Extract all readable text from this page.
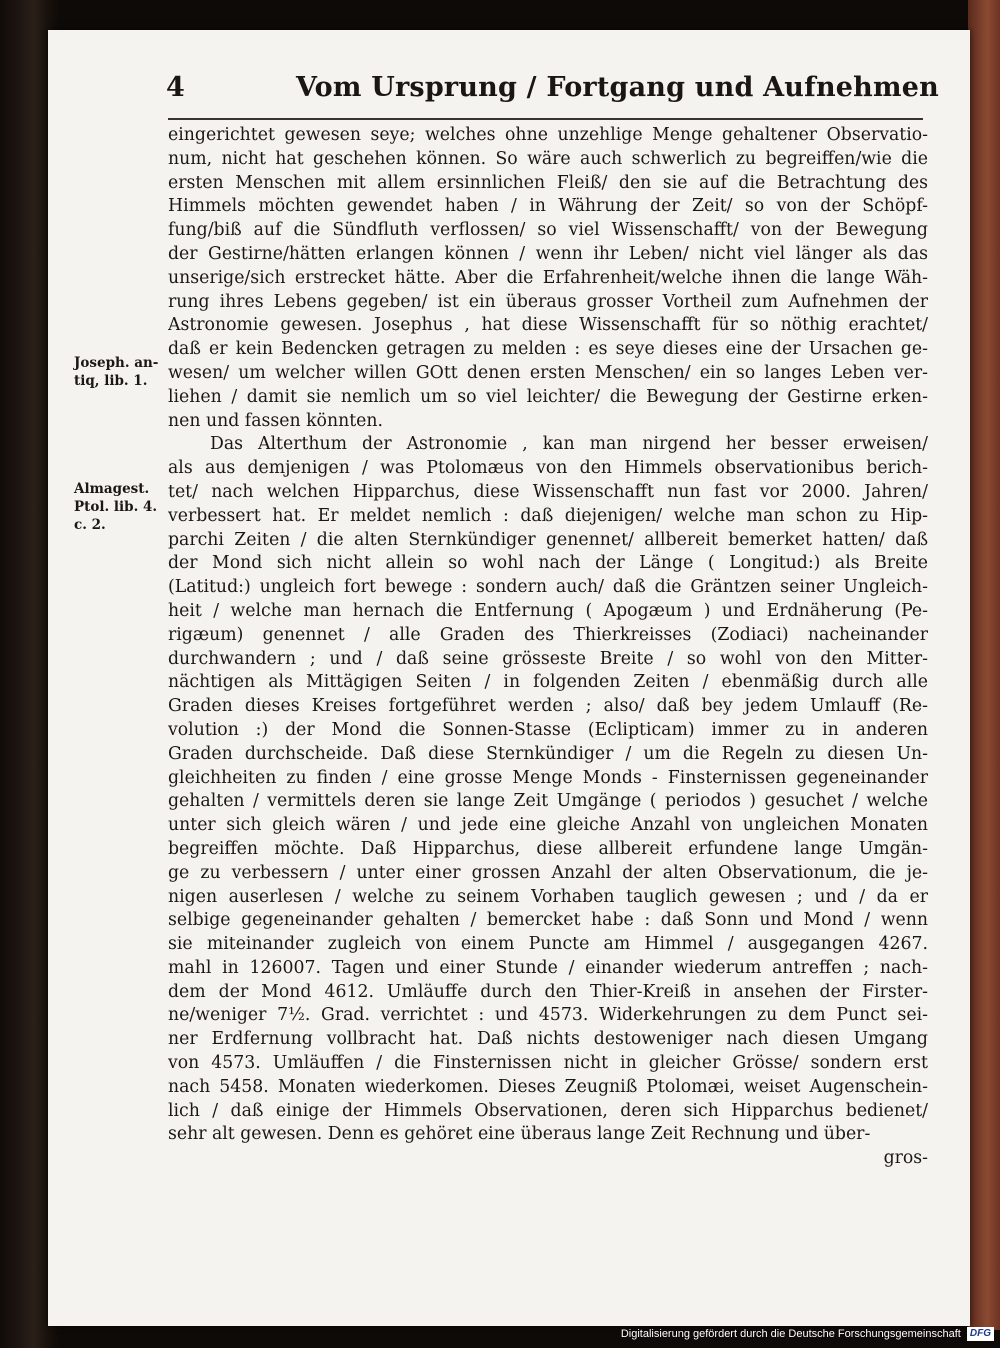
4	Vom Ursprung / Fortgang und Aufnehmen
Joseph. an-
tiq, lib. 1.
Almagest.
Ptol. lib. 4.
c. 2.
eingerichtet gewesen seye; welches ohne unzehlige Menge gehaltener Observatio-
num, nicht hat geschehen können. So wäre auch schwerlich zu begreiffen/wie die
ersten Menschen mit allem ersinnlichen Fleiß/ den sie auf die Betrachtung des
Himmels möchten gewendet haben / in Währung der Zeit/ so von der Schöpf-
fung/biß auf die Sündfluth verflossen/ so viel Wissenschafft/ von der Bewegung
der Gestirne/hätten erlangen können / wenn ihr Leben/ nicht viel länger als das
unserige/sich erstrecket hätte. Aber die Erfahrenheit/welche ihnen die lange Wäh-
rung ihres Lebens gegeben/ ist ein überaus grosser Vortheil zum Aufnehmen der
Astronomie gewesen. Josephus , hat diese Wissenschafft für so nöthig erachtet/
daß er kein Bedencken getragen zu melden : es seye dieses eine der Ursachen ge-
wesen/ um welcher willen GOtt denen ersten Menschen/ ein so langes Leben ver-
liehen / damit sie nemlich um so viel leichter/ die Bewegung der Gestirne erken-
nen und fassen könnten.
Das Alterthum der Astronomie , kan man nirgend her besser erweisen/
als aus demjenigen / was Ptolomæus von den Himmels observationibus berich-
tet/ nach welchen Hipparchus, diese Wissenschafft nun fast vor 2000. Jahren/
verbessert hat. Er meldet nemlich : daß diejenigen/ welche man schon zu Hip-
parchi Zeiten / die alten Sternkündiger genennet/ allbereit bemerket hatten/ daß
der Mond sich nicht allein so wohl nach der Länge ( Longitud:) als Breite
(Latitud:) ungleich fort bewege : sondern auch/ daß die Gräntzen seiner Ungleich-
heit / welche man hernach die Entfernung ( Apogæum ) und Erdnäherung (Pe-
rigæum) genennet / alle Graden des Thierkreisses (Zodiaci) nacheinander
durchwandern ; und / daß seine grösseste Breite / so wohl von den Mitter-
nächtigen als Mittägigen Seiten / in folgenden Zeiten / ebenmäßig durch alle
Graden dieses Kreises fortgeführet werden ; also/ daß bey jedem Umlauff (Re-
volution :) der Mond die Sonnen-Stasse (Eclipticam) immer zu in anderen
Graden durchscheide. Daß diese Sternkündiger / um die Regeln zu diesen Un-
gleichheiten zu finden / eine grosse Menge Monds - Finsternissen gegeneinander
gehalten / vermittels deren sie lange Zeit Umgänge ( periodos ) gesuchet / welche
unter sich gleich wären / und jede eine gleiche Anzahl von ungleichen Monaten
begreiffen möchte. Daß Hipparchus, diese allbereit erfundene lange Umgän-
ge zu verbessern / unter einer grossen Anzahl der alten Observationum, die je-
nigen auserlesen / welche zu seinem Vorhaben tauglich gewesen ; und / da er
selbige gegeneinander gehalten / bemercket habe : daß Sonn und Mond / wenn
sie miteinander zugleich von einem Puncte am Himmel / ausgegangen 4267.
mahl in 126007. Tagen und einer Stunde / einander wiederum antreffen ; nach-
dem der Mond 4612. Umläuffe durch den Thier-Kreiß in ansehen der Firster-
ne/weniger 7½. Grad. verrichtet : und 4573. Widerkehrungen zu dem Punct sei-
ner Erdfernung vollbracht hat. Daß nichts destoweniger nach diesen Umgang
von 4573. Umläuffen / die Finsternissen nicht in gleicher Grösse/ sondern erst
nach 5458. Monaten wiederkomen. Dieses Zeugniß Ptolomæi, weiset Augenschein-
lich / daß einige der Himmels Observationen, deren sich Hipparchus bedienet/
sehr alt gewesen. Denn es gehöret eine überaus lange Zeit Rechnung und über-
gros-
Digitalisierung gefördert durch die Deutsche Forschungsgemeinschaft DFG
